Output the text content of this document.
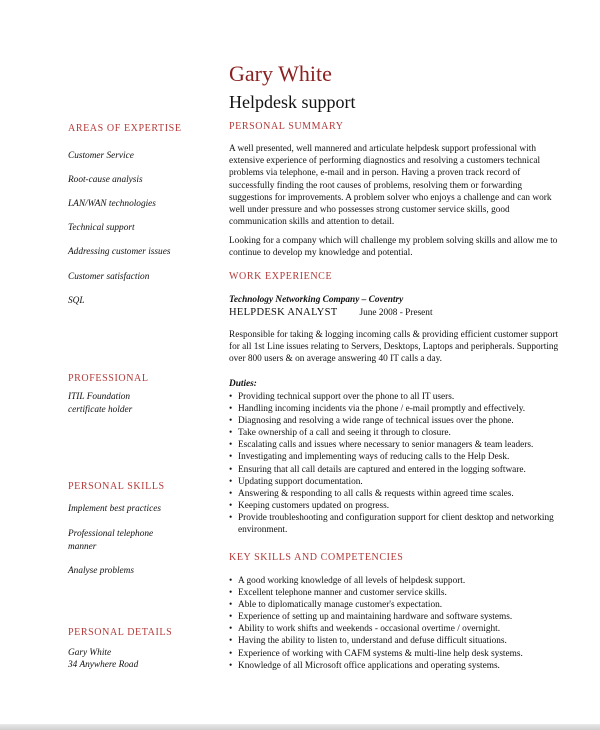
Gary White
Helpdesk support
AREAS OF EXPERTISE
Customer Service
Root-cause analysis
LAN/WAN technologies
Technical support
Addressing customer issues
Customer satisfaction
SQL
PROFESSIONAL
ITIL Foundation certificate holder
PERSONAL SKILLS
Implement best practices
Professional telephone manner
Analyse problems
PERSONAL DETAILS
Gary White
34 Anywhere Road
PERSONAL SUMMARY
A well presented, well mannered and articulate helpdesk support professional with extensive experience of performing diagnostics and resolving a customers technical problems via telephone, e-mail and in person. Having a proven track record of successfully finding the root causes of problems, resolving them or forwarding suggestions for improvements. A problem solver who enjoys a challenge and can work well under pressure and who possesses strong customer service skills, good communication skills and attention to detail.
Looking for a company which will challenge my problem solving skills and allow me to continue to develop my knowledge and potential.
WORK EXPERIENCE
Technology Networking Company – Coventry
HELPDESK ANALYST June 2008 - Present
Responsible for taking & logging incoming calls & providing efficient customer support for all 1st Line issues relating to Servers, Desktops, Laptops and peripherals. Supporting over 800 users & on average answering 40 IT calls a day.
Duties:
• Providing technical support over the phone to all IT users.
• Handling incoming incidents via the phone / e-mail promptly and effectively.
• Diagnosing and resolving a wide range of technical issues over the phone.
• Take ownership of a call and seeing it through to closure.
• Escalating calls and issues where necessary to senior managers & team leaders.
• Investigating and implementing ways of reducing calls to the Help Desk.
• Ensuring that all call details are captured and entered in the logging software.
• Updating support documentation.
• Answering & responding to all calls & requests within agreed time scales.
• Keeping customers updated on progress.
• Provide troubleshooting and configuration support for client desktop and networking environment.
KEY SKILLS AND COMPETENCIES
• A good working knowledge of all levels of helpdesk support.
• Excellent telephone manner and customer service skills.
• Able to diplomatically manage customer's expectation.
• Experience of setting up and maintaining hardware and software systems.
• Ability to work shifts and weekends - occasional overtime / overnight.
• Having the ability to listen to, understand and defuse difficult situations.
• Experience of working with CAFM systems & multi-line help desk systems.
• Knowledge of all Microsoft office applications and operating systems.
